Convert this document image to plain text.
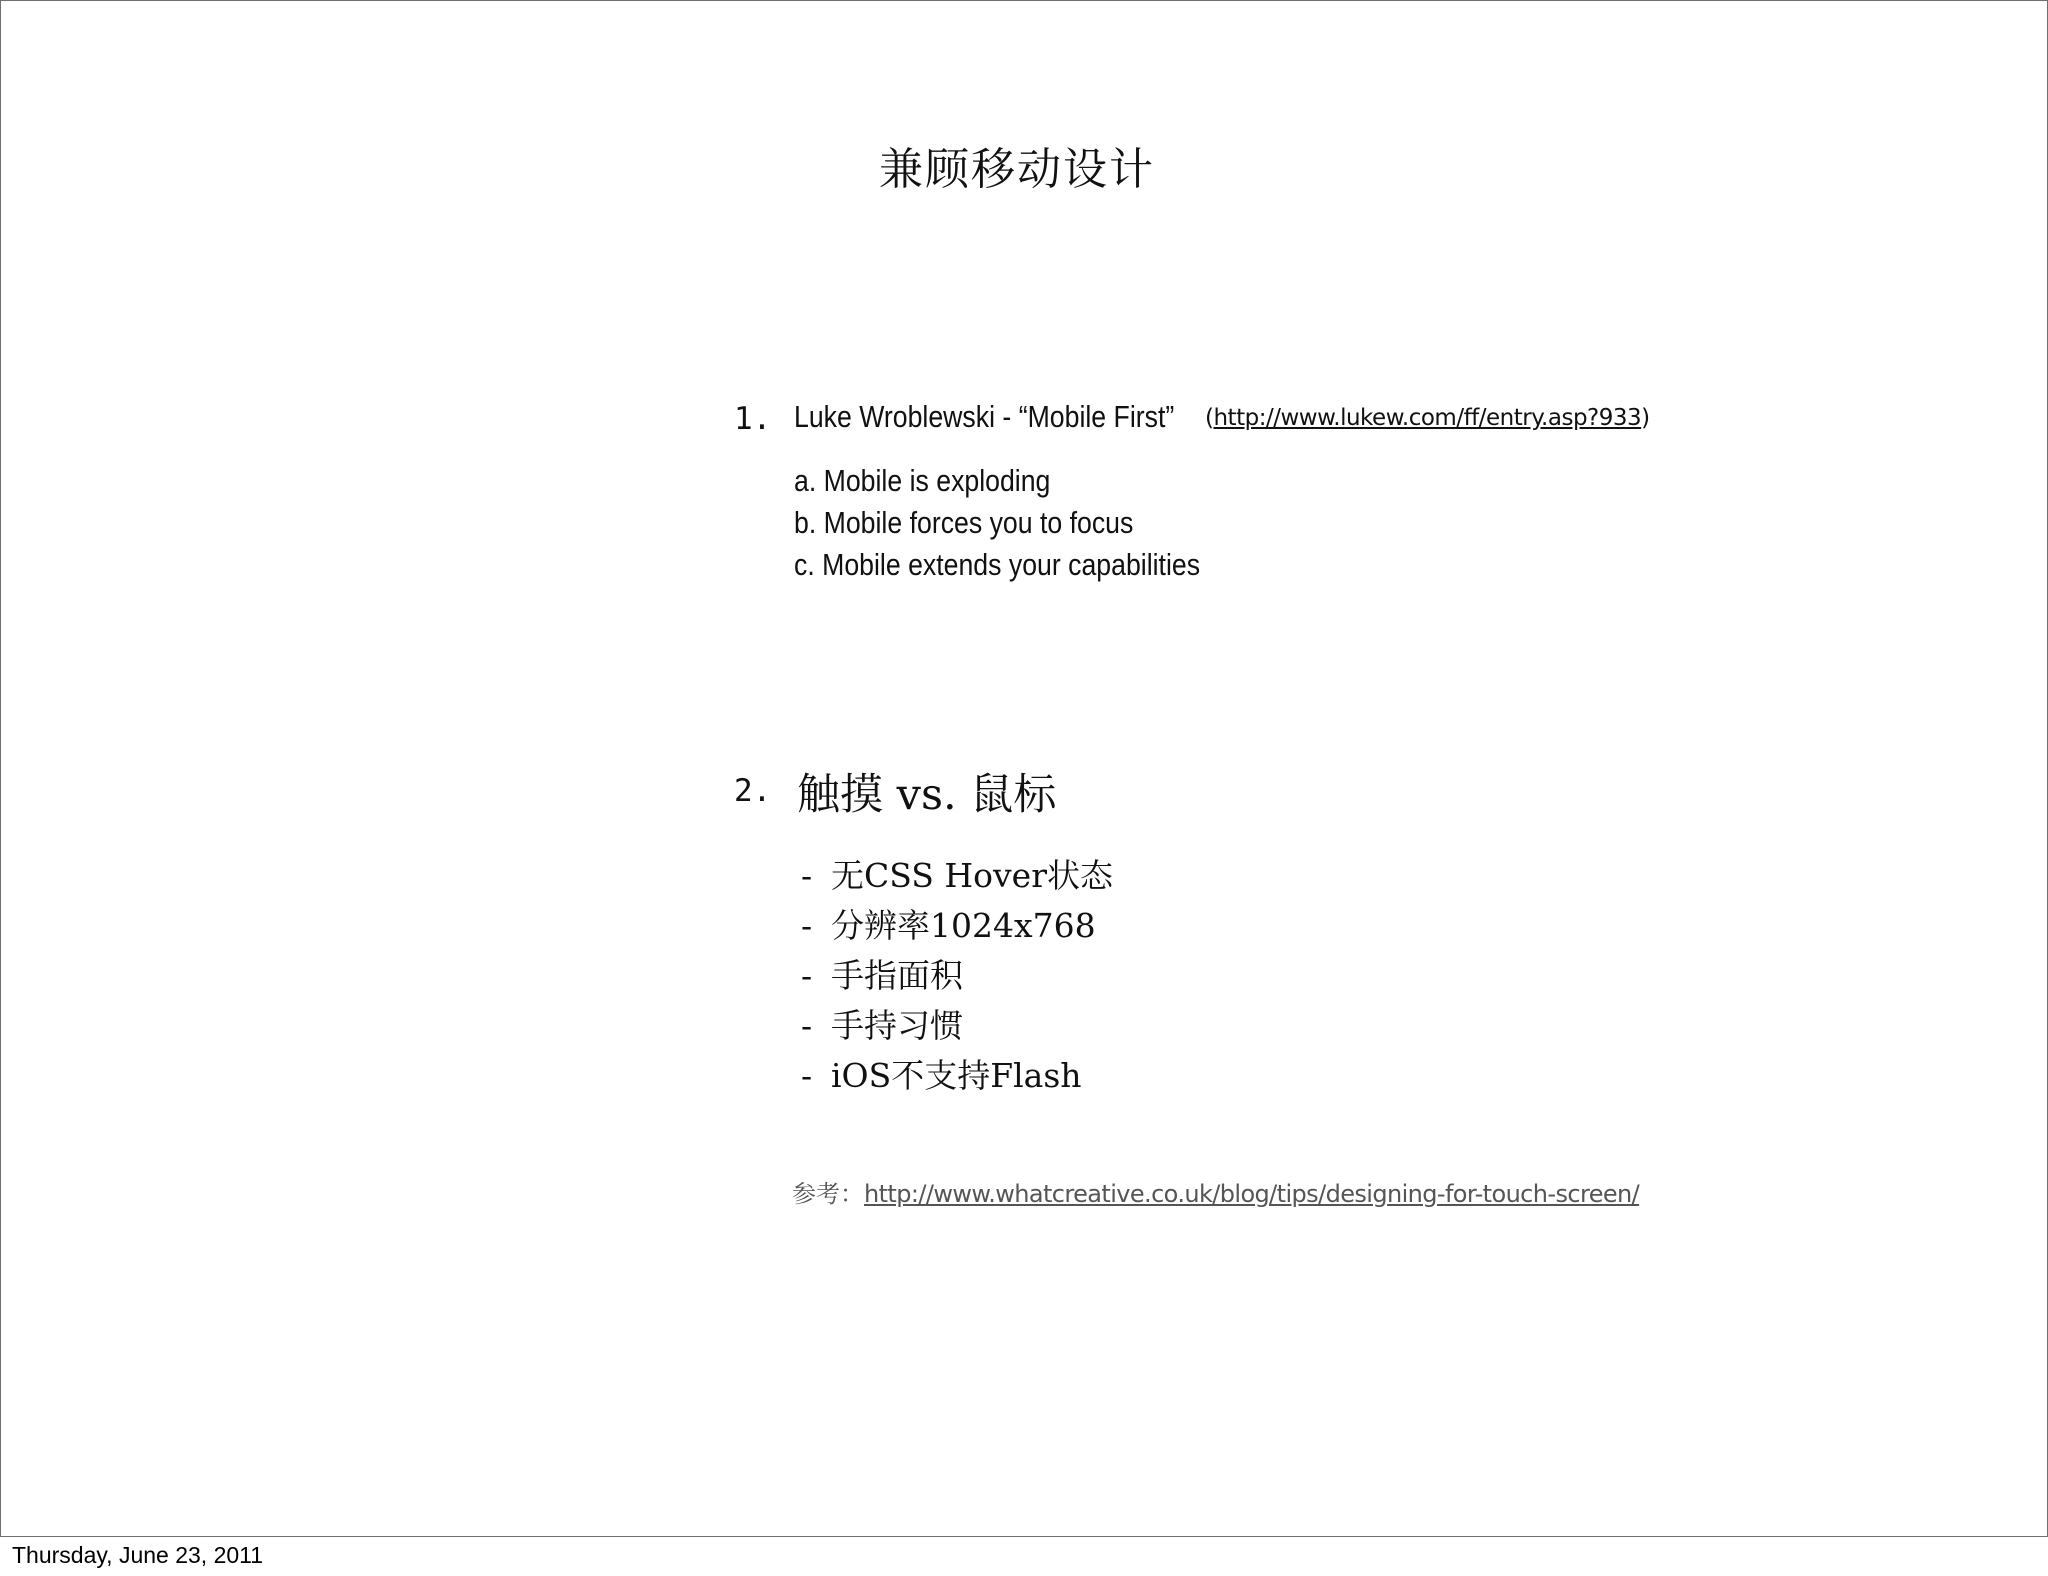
兼顾移动设计
1. Luke Wroblewski - “Mobile First” (http://www.lukew.com/ff/entry.asp?933)
a. Mobile is exploding
b. Mobile forces you to focus
c. Mobile extends your capabilities
2. 触摸 vs. 鼠标
- 无CSS Hover状态
- 分辨率1024x768
- 手指面积
- 手持习惯
- iOS不支持Flash
参考：http://www.whatcreative.co.uk/blog/tips/designing-for-touch-screen/
Thursday, June 23, 2011
